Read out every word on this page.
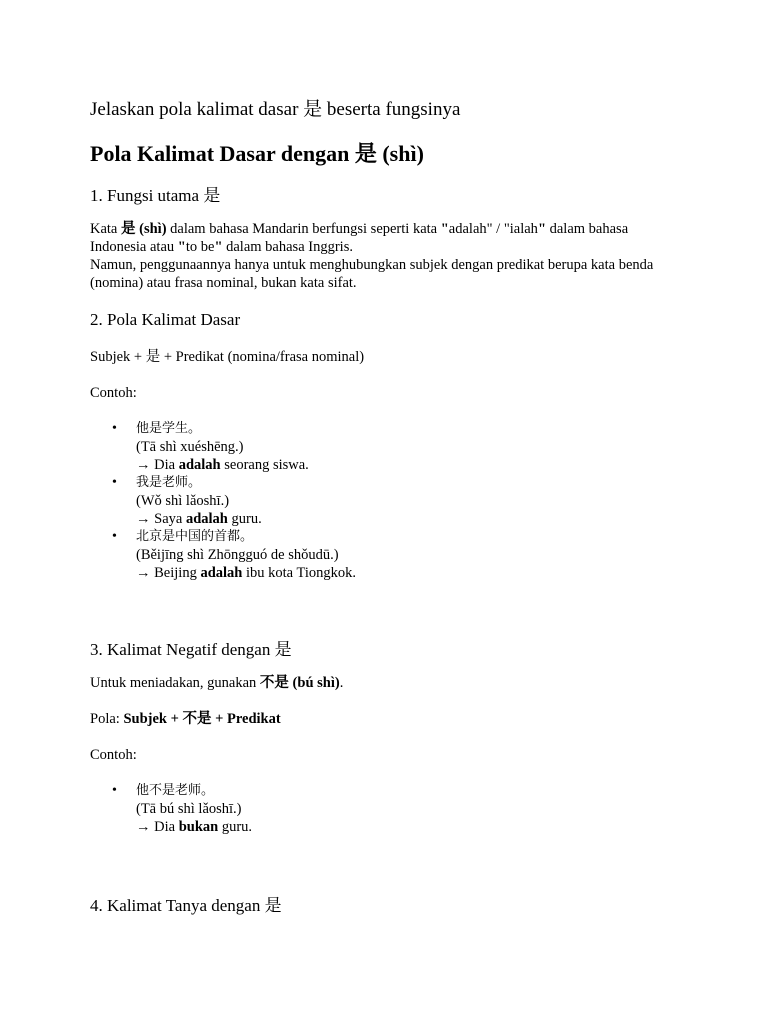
Jelaskan pola kalimat dasar 是 beserta fungsinya
Pola Kalimat Dasar dengan 是 (shì)
1. Fungsi utama 是
Kata 是 (shì) dalam bahasa Mandarin berfungsi seperti kata "adalah" / "ialah" dalam bahasa
Indonesia atau "to be" dalam bahasa Inggris.
Namun, penggunaannya hanya untuk menghubungkan subjek dengan predikat berupa kata benda
(nomina) atau frasa nominal, bukan kata sifat.
2. Pola Kalimat Dasar
Subjek + 是 + Predikat (nomina/frasa nominal)
Contoh:
• 他是学生。
(Tā shì xuéshēng.)
→ Dia adalah seorang siswa.
• 我是老师。
(Wǒ shì lǎoshī.)
→ Saya adalah guru.
• 北京是中国的首都。
(Běijīng shì Zhōngguó de shǒudū.)
→ Beijing adalah ibu kota Tiongkok.
3. Kalimat Negatif dengan 是
Untuk meniadakan, gunakan 不是 (bú shì).
Pola: Subjek + 不是 + Predikat
Contoh:
• 他不是老师。
(Tā bú shì lǎoshī.)
→ Dia bukan guru.
4. Kalimat Tanya dengan 是
